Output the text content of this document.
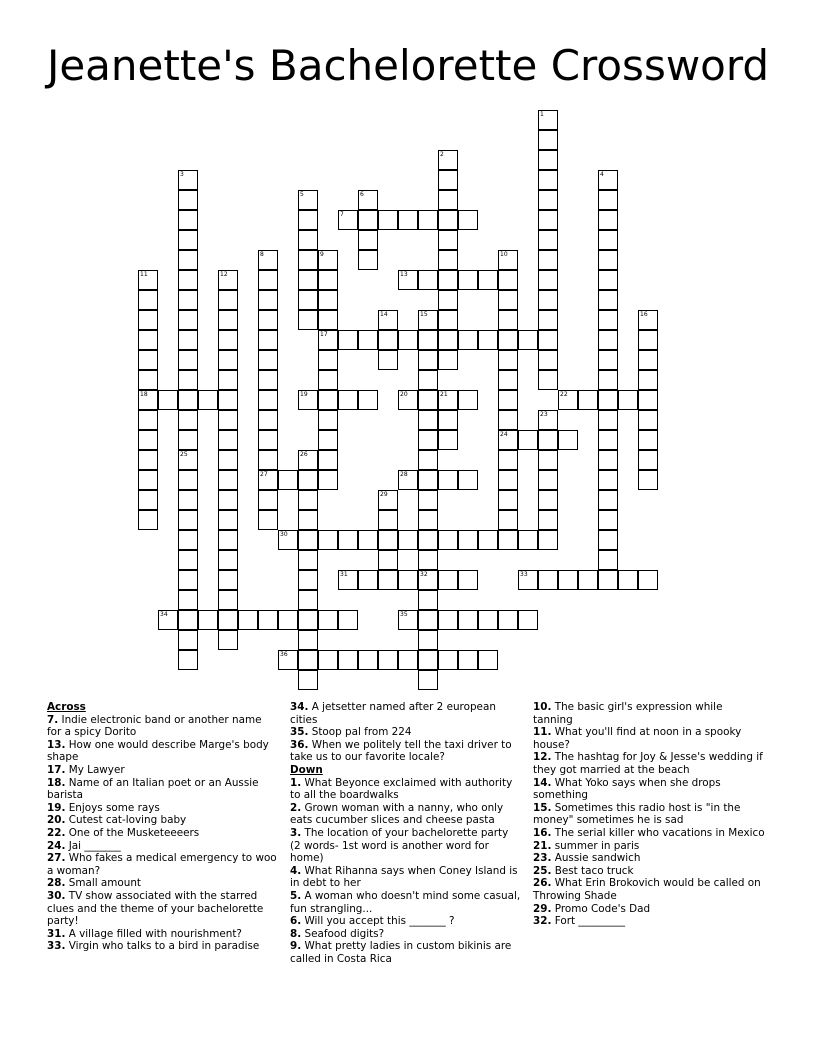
Jeanette's Bachelorette Crossword
1
2
3
25
4
5	6
7
8
27
9
17
10
24
11
18
12	13
14	15
32
16
19	20	21	22
23
26
28
29
30
31	33
34	35
36
Across
7. Indie electronic band or another name for a spicy Dorito
13. How one would describe Marge's body shape
17. My Lawyer
18. Name of an Italian poet or an Aussie barista
19. Enjoys some rays
20. Cutest cat-loving baby
22. One of the Musketeeeers
24. Jai _______
27. Who fakes a medical emergency to woo a woman?
28. Small amount
30. TV show associated with the starred clues and the theme of your bachelorette party!
31. A village filled with nourishment?
33. Virgin who talks to a bird in paradise
34. A jetsetter named after 2 european cities
35. Stoop pal from 224
36. When we politely tell the taxi driver to take us to our favorite locale?
Down
1. What Beyonce exclaimed with authority to all the boardwalks
2. Grown woman with a nanny, who only eats cucumber slices and cheese pasta
3. The location of your bachelorette party (2 words- 1st word is another word for home)
4. What Rihanna says when Coney Island is in debt to her
5. A woman who doesn't mind some casual, fun strangling...
6. Will you accept this _______ ?
8. Seafood digits?
9. What pretty ladies in custom bikinis are called in Costa Rica
10. The basic girl's expression while tanning
11. What you'll find at noon in a spooky house?
12. The hashtag for Joy & Jesse's wedding if they got married at the beach
14. What Yoko says when she drops something
15. Sometimes this radio host is "in the money" sometimes he is sad
16. The serial killer who vacations in Mexico
21. summer in paris
23. Aussie sandwich
25. Best taco truck
26. What Erin Brokovich would be called on Throwing Shade
29. Promo Code's Dad
32. Fort _________
